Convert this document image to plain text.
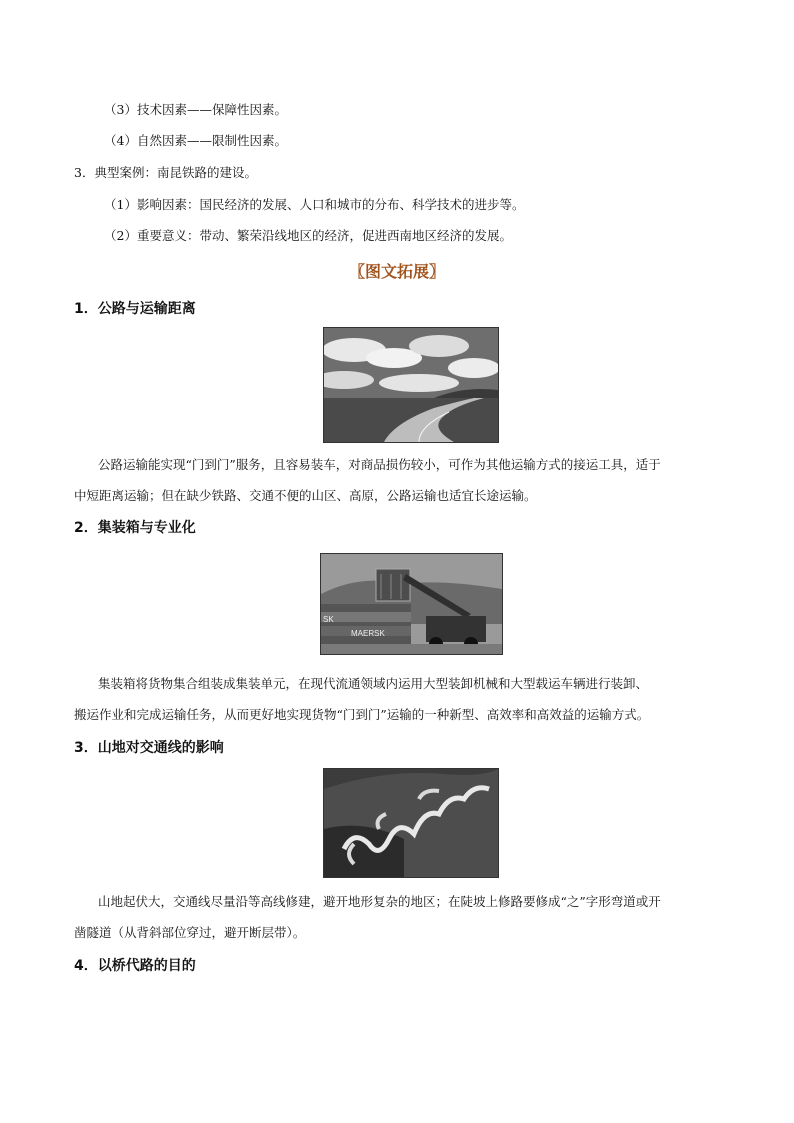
（3）技术因素——保障性因素。
（4）自然因素——限制性因素。
3．典型案例：南昆铁路的建设。
（1）影响因素：国民经济的发展、人口和城市的分布、科学技术的进步等。
（2）重要意义：带动、繁荣沿线地区的经济，促进西南地区经济的发展。
〖图文拓展〗
1．公路与运输距离
公路运输能实现“门到门”服务，且容易装车，对商品损伤较小，可作为其他运输方式的接运工具，适于
中短距离运输；但在缺少铁路、交通不便的山区、高原，公路运输也适宜长途运输。
2．集装箱与专业化
SK
MAERSK
集装箱将货物集合组装成集装单元，在现代流通领域内运用大型装卸机械和大型载运车辆进行装卸、
搬运作业和完成运输任务，从而更好地实现货物“门到门”运输的一种新型、高效率和高效益的运输方式。
3．山地对交通线的影响
山地起伏大，交通线尽量沿等高线修建，避开地形复杂的地区；在陡坡上修路要修成“之”字形弯道或开
凿隧道（从背斜部位穿过，避开断层带）。
4．以桥代路的目的
